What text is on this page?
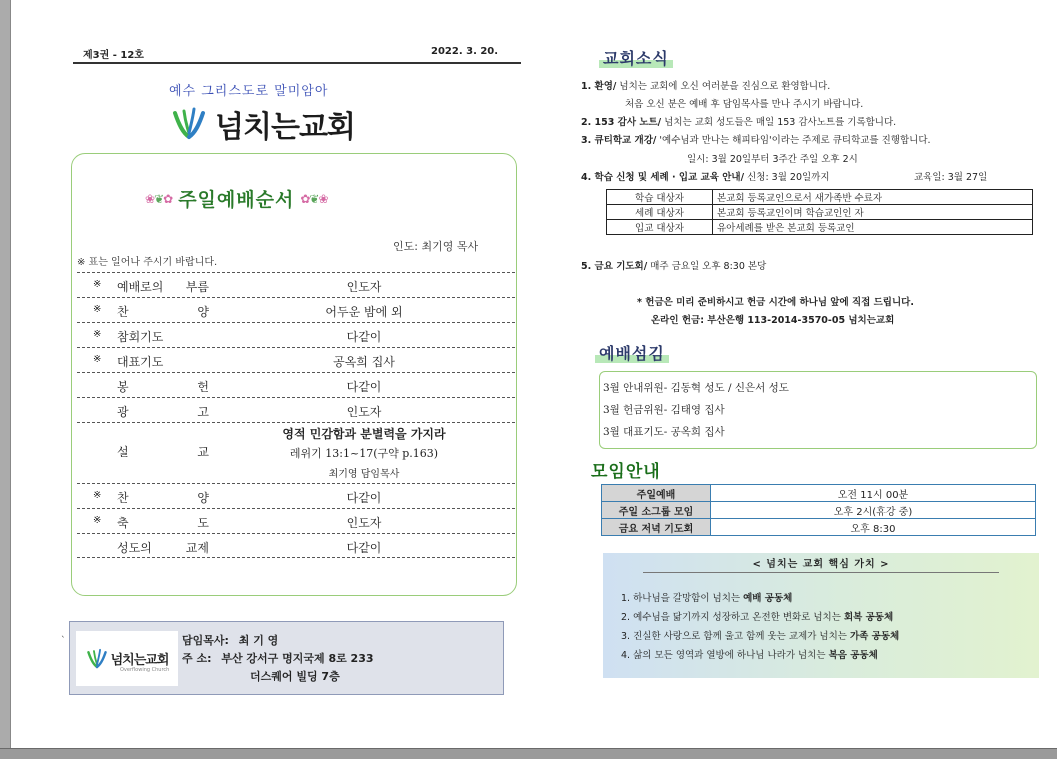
제3권 - 12호	2022. 3. 20.
예수 그리스도로 말미암아
넘치는교회
❀❦✿ 주일예배순서 ✿❦❀
인도: 최기영 목사
※ 표는 일어나 주시기 바랍니다.
※ 예배로의 부름	인도자
※ 찬 양	어두운 밤에 외
※ 참회기도	다같이
※ 대표기도	공옥희 집사
봉 헌	다같이
광 고	인도자
설 교
영적 민감함과 분별력을 가지라
레위기 13:1~17(구약 p.163)
최기영 담임목사
※ 찬 양	다같이
※ 축 도	인도자
성도의 교제	다같이
`
넘치는교회
Overflowing Church
담임목사: 최 기 영
주 소: 부산 강서구 명지국제 8로 233
더스퀘어 빌딩 7층
교회소식
1. 환영/ 넘치는 교회에 오신 여러분을 진심으로 환영합니다.
처음 오신 분은 예배 후 담임목사를 만나 주시기 바랍니다.
2. 153 감사 노트/ 넘치는 교회 성도들은 매일 153 감사노트를 기록합니다.
3. 큐티학교 개강/ '예수님과 만나는 해피타임'이라는 주제로 큐티학교를 진행합니다.
일시: 3월 20일부터 3주간 주일 오후 2시
4. 학습 신청 및 세례 · 입교 교육 안내/ 신청: 3월 20일까지	교육일: 3월 27일
학습 대상자	본교회 등록교인으로서 새가족반 수료자
세례 대상자	본교회 등록교인이며 학습교인인 자
입교 대상자	유아세례를 받은 본교회 등록교인
5. 금요 기도회/ 매주 금요일 오후 8:30 본당
* 헌금은 미리 준비하시고 헌금 시간에 하나님 앞에 직접 드립니다.
온라인 헌금: 부산은행 113-2014-3570-05 넘치는교회
예배섬김
3월 안내위원- 김동혁 성도 / 신은서 성도
3월 헌금위원- 김태영 집사
3월 대표기도- 공옥희 집사
모임안내
주일예배	오전 11시 00분
주일 소그룹 모임	오후 2시(휴강 중)
금요 저녁 기도회	오후 8:30
< 넘치는 교회 핵심 가치 >
1. 하나님을 갈망함이 넘치는 예배 공동체
2. 예수님을 닮기까지 성장하고 온전한 변화로 넘치는 회복 공동체
3. 진실한 사랑으로 함께 울고 함께 웃는 교제가 넘치는 가족 공동체
4. 삶의 모든 영역과 열방에 하나님 나라가 넘치는 복음 공동체
